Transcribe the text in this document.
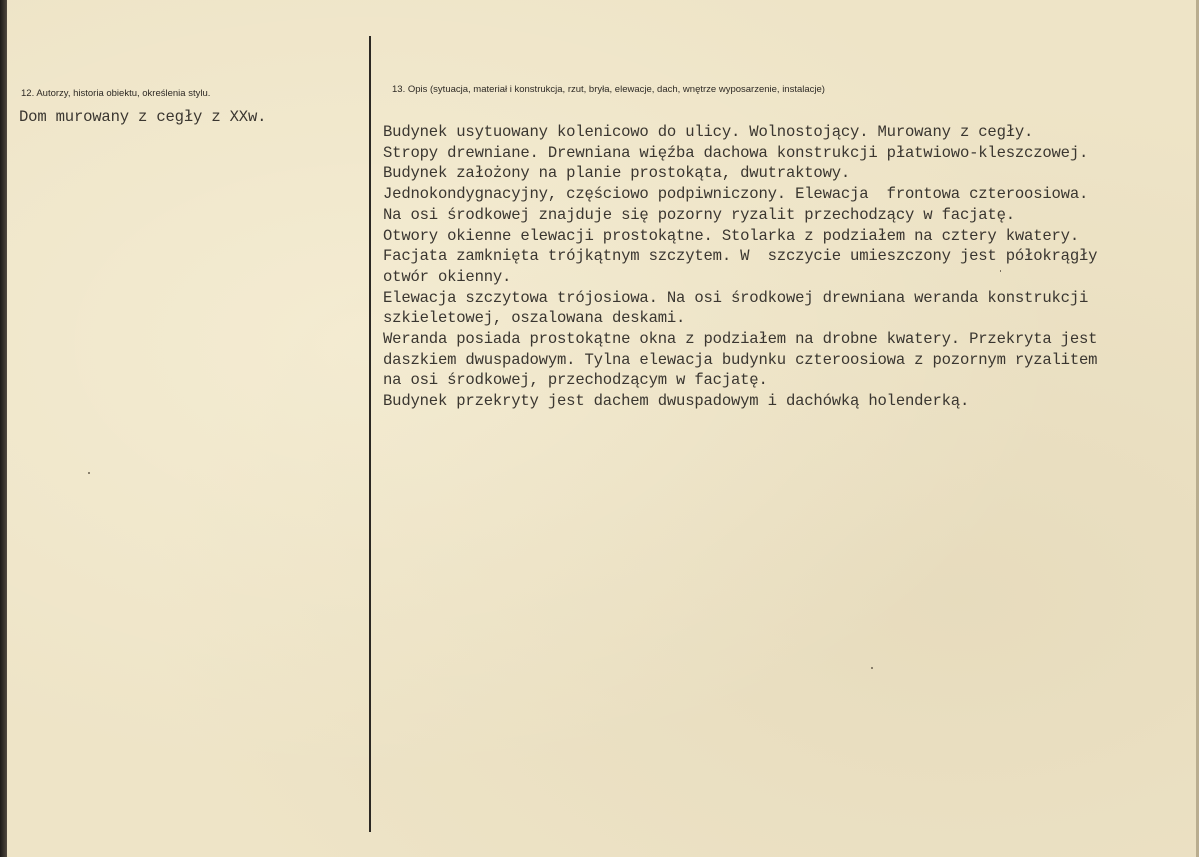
12. Autorzy, historia obiektu, określenia stylu.
Dom murowany z cegły z XXw.
13. Opis (sytuacja, materiał i konstrukcja, rzut, bryła, elewacje, dach, wnętrze wyposarzenie, instalacje)
Budynek usytuowany kolenicowo do ulicy. Wolnostojący. Murowany z cegły.
Stropy drewniane. Drewniana więźba dachowa konstrukcji płatwiowo-kleszczowej.
Budynek założony na planie prostokąta, dwutraktowy.
Jednokondygnacyjny, częściowo podpiwniczony. Elewacja  frontowa czteroosiowa.
Na osi środkowej znajduje się pozorny ryzalit przechodzący w facjatę.
Otwory okienne elewacji prostokątne. Stolarka z podziałem na cztery kwatery.
Facjata zamknięta trójkątnym szczytem. W  szczycie umieszczony jest półokrągły
otwór okienny.
Elewacja szczytowa trójosiowa. Na osi środkowej drewniana weranda konstrukcji
szkieletowej, oszalowana deskami.
Weranda posiada prostokątne okna z podziałem na drobne kwatery. Przekryta jest
daszkiem dwuspadowym. Tylna elewacja budynku czteroosiowa z pozornym ryzalitem
na osi środkowej, przechodzącym w facjatę.
Budynek przekryty jest dachem dwuspadowym i dachówką holenderką.
